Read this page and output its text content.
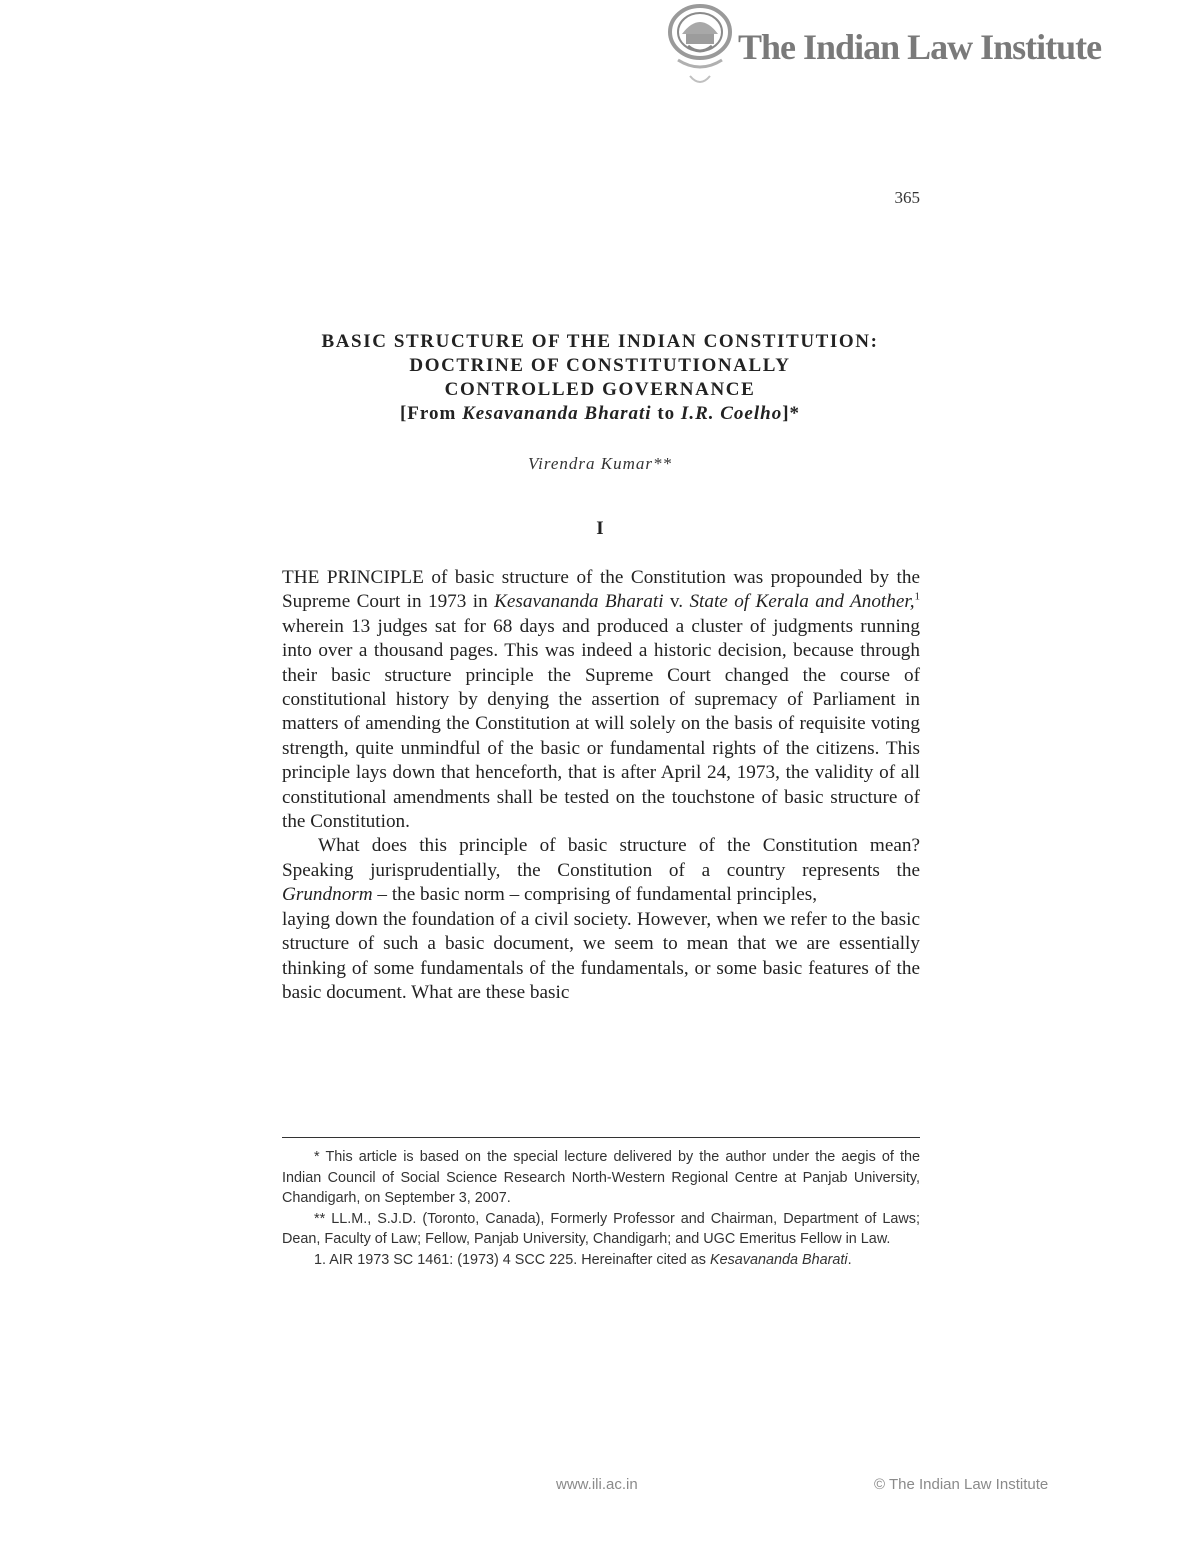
The Indian Law Institute
365
BASIC STRUCTURE OF THE INDIAN CONSTITUTION:
DOCTRINE OF CONSTITUTIONALLY
CONTROLLED GOVERNANCE
[From Kesavananda Bharati to I.R. Coelho]*
Virendra Kumar**
I

THE PRINCIPLE of basic structure of the Constitution was propounded by the Supreme Court in 1973 in Kesavananda Bharati v. State of Kerala and Another,$^1$ wherein 13 judges sat for 68 days and produced a cluster of judgments running into over a thousand pages. This was indeed a historic decision, because through their basic structure principle the Supreme Court changed the course of constitutional history by denying the assertion of supremacy of Parliament in matters of amending the Constitution at will solely on the basis of requisite voting strength, quite unmindful of the basic or fundamental rights of the citizens. This principle lays down that henceforth, that is after April 24, 1973, the validity of all constitutional amendments shall be tested on the touchstone of basic structure of the Constitution.

What does this principle of basic structure of the Constitution mean? Speaking jurisprudentially, the Constitution of a country represents the Grundnorm – the basic norm – comprising of fundamental principles,

laying down the foundation of a civil society. However, when we refer to the basic structure of such a basic document, we seem to mean that we are essentially thinking of some fundamentals of the fundamentals, or some basic features of the basic document. What are these basic

* This article is based on the special lecture delivered by the author under the aegis of the Indian Council of Social Science Research North-Western Regional Centre at Panjab University, Chandigarh, on September 3, 2007.

** LL.M., S.J.D. (Toronto, Canada), Formerly Professor and Chairman, Department of Laws; Dean, Faculty of Law; Fellow, Panjab University, Chandigarh; and UGC Emeritus Fellow in Law.

1. AIR 1973 SC 1461: (1973) 4 SCC 225. Hereinafter cited as Kesavananda Bharati.

www.ili.ac.in	© The Indian Law Institute
